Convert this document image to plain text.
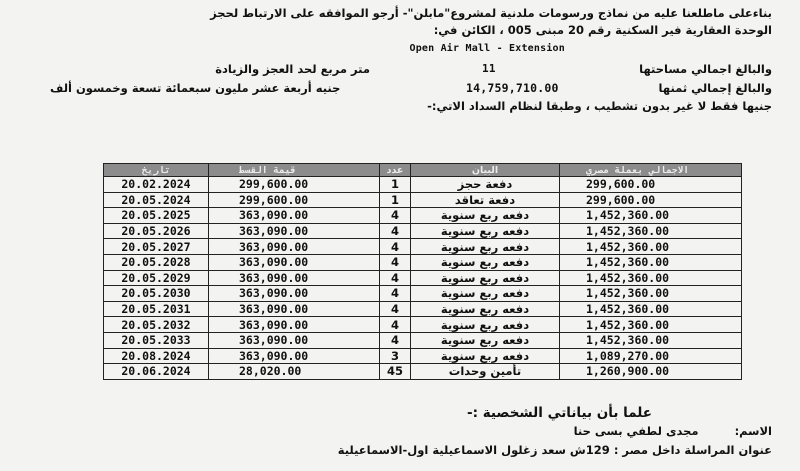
بناءعلى ماطلعنا عليه من نماذج ورسومات ملدنية لمشروع"مابلن"- أرجو الموافقه على الارتباط لحجز
الوحدة العقارية فير السكنية رقم 20 مبنى 005 ، الكائن في:
Open Air Mall - Extension
والبالغ اجمالي مساحتها
11
متر مربع لحد العجز والزيادة
والبالغ إجمالي ثمنها
14,759,710.00
جنيه أربعة عشر مليون سبعمائة تسعة وخمسون ألف
جنيها فقط لا غير بدون تشطيب ، وطبقا لنظام السداد الاتي:-
تاريخ	قيمة القسط	عدد	البيان	الاجمالي بعملة مصري
20.02.2024	299,600.00	1	دفعة حجز	299,600.00
20.05.2024	299,600.00	1	دفعة تعاقد	299,600.00
20.05.2025	363,090.00	4	دفعه ربع سنوية	1,452,360.00
20.05.2026	363,090.00	4	دفعه ربع سنوية	1,452,360.00
20.05.2027	363,090.00	4	دفعه ربع سنوية	1,452,360.00
20.05.2028	363,090.00	4	دفعه ربع سنوية	1,452,360.00
20.05.2029	363,090.00	4	دفعه ربع سنوية	1,452,360.00
20.05.2030	363,090.00	4	دفعه ربع سنوية	1,452,360.00
20.05.2031	363,090.00	4	دفعه ربع سنوية	1,452,360.00
20.05.2032	363,090.00	4	دفعه ربع سنوية	1,452,360.00
20.05.2033	363,090.00	4	دفعه ربع سنوية	1,452,360.00
20.08.2024	363,090.00	3	دفعه ربع سنوية	1,089,270.00
20.06.2024	28,020.00	45	تأمين وحدات	1,260,900.00
علما بأن بياناتي الشخصية :-
الاسم:مجدى لطفي بسى حنا
عنوان المراسلة داخل مصر : 129ش سعد زغلول الاسماعيلية اول-الاسماعيلية
